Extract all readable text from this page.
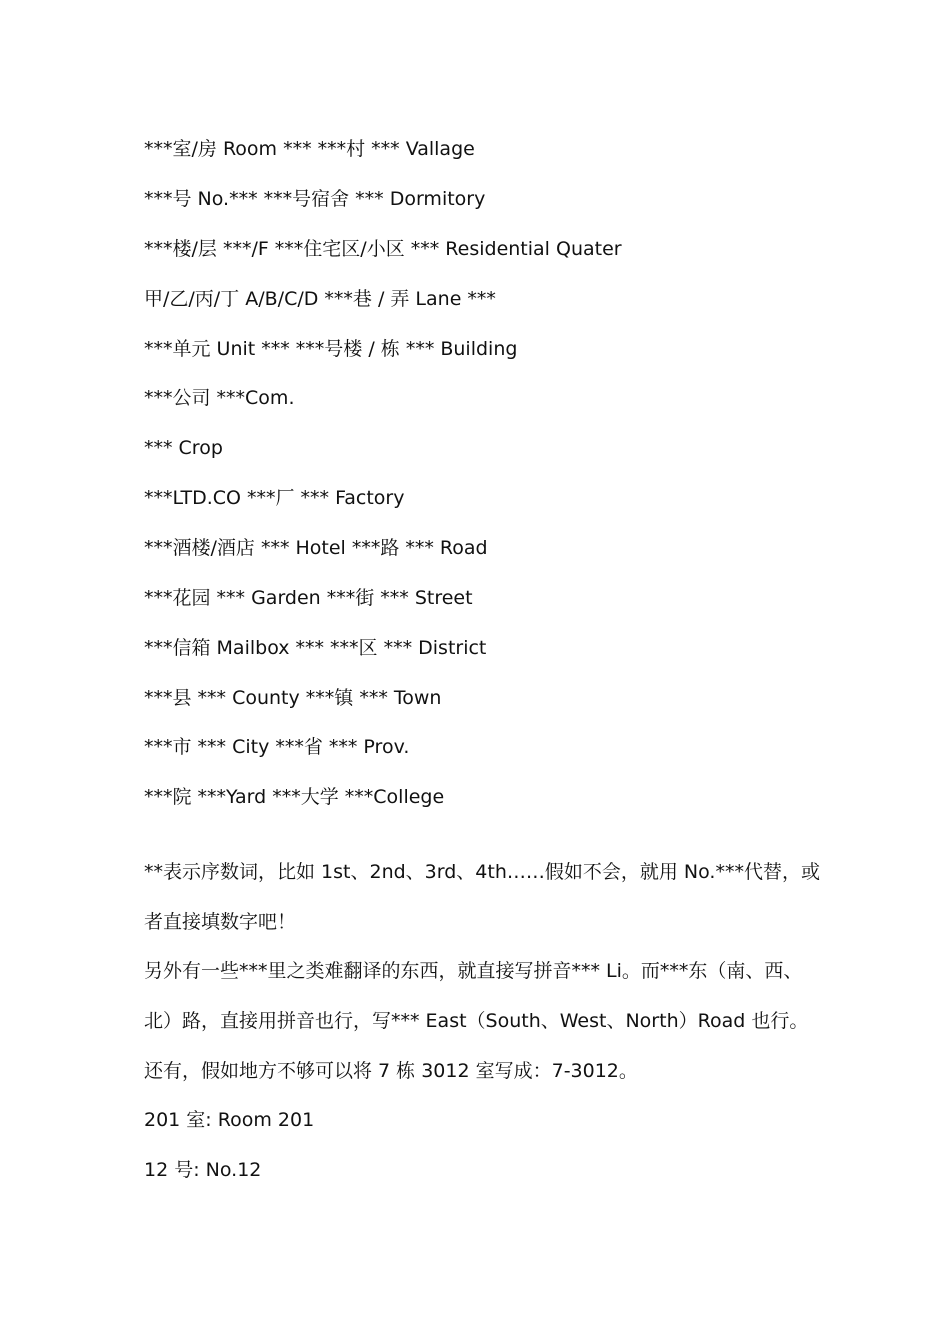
***室/房 Room *** ***村 *** Vallage
***号 No.*** ***号宿舍 *** Dormitory
***楼/层 ***/F ***住宅区/小区 *** Residential Quater
甲/乙/丙/丁 A/B/C/D ***巷 / 弄 Lane ***
***单元 Unit *** ***号楼 / 栋 *** Building
***公司 ***Com.
*** Crop
***LTD.CO ***厂 *** Factory
***酒楼/酒店 *** Hotel ***路 *** Road
***花园 *** Garden ***街 *** Street
***信箱 Mailbox *** ***区 *** District
***县 *** County ***镇 *** Town
***市 *** City ***省 *** Prov.
***院 ***Yard ***大学 ***College
**表示序数词，比如 1st、2nd、3rd、4th……假如不会，就用 No.***代替，或
者直接填数字吧！
另外有一些***里之类难翻译的东西，就直接写拼音*** Li。而***东（南、西、
北）路，直接用拼音也行，写*** East（South、West、North）Road 也行。
还有，假如地方不够可以将 7 栋 3012 室写成：7-3012。
201 室: Room 201
12 号: No.12
